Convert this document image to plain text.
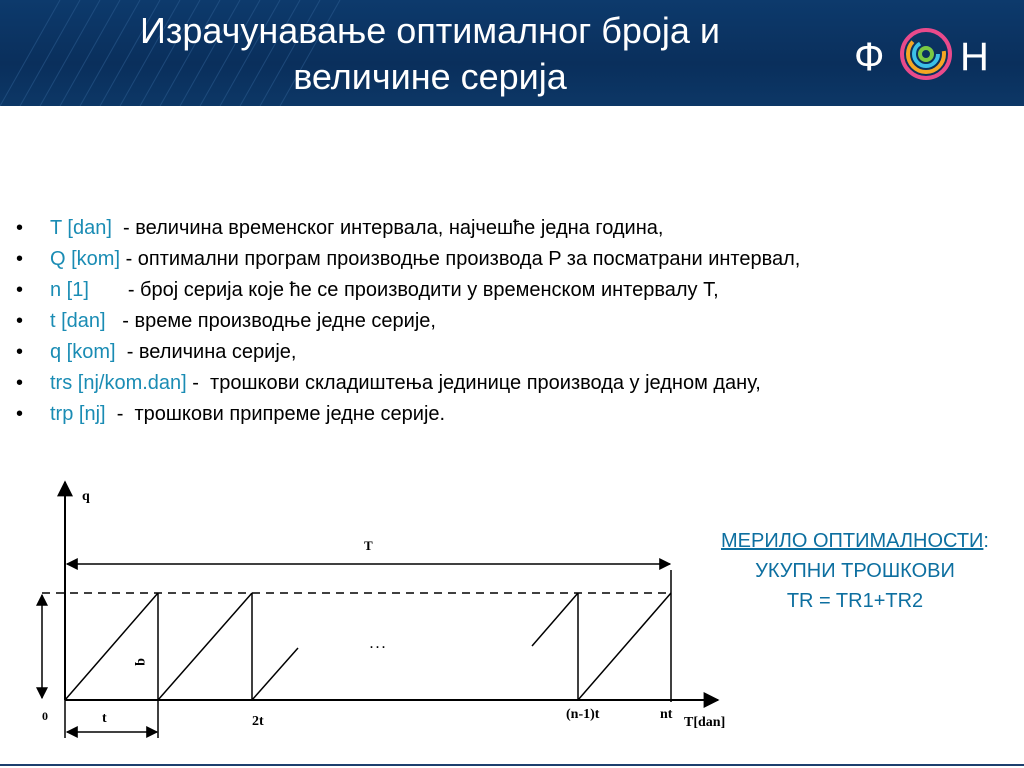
Израчунавање оптималног броја и
величине серија	Ф Н
• T [dan]  - величина временског интервала, најчешће једна година,
• Q [kom] - оптимални програм производње производа P за посматрани интервал,
• n [1]       - број серија које ће се производити у временском интервалу T,
• t [dan]   - време производње једне серије,
• q [kom]  - величина серије,
• trs [nj/kom.dan] -  трошкови складиштења јединице производа у једном дану,
• trp [nj]  -  трошкови припреме једне серије.
МЕРИЛО ОПТИМАЛНОСТИ:
УКУПНИ ТРОШКОВИ
TR = TR1+TR2
q
T[dan]
T
q
. . .
0	t	2t	(n-1)t	nt
